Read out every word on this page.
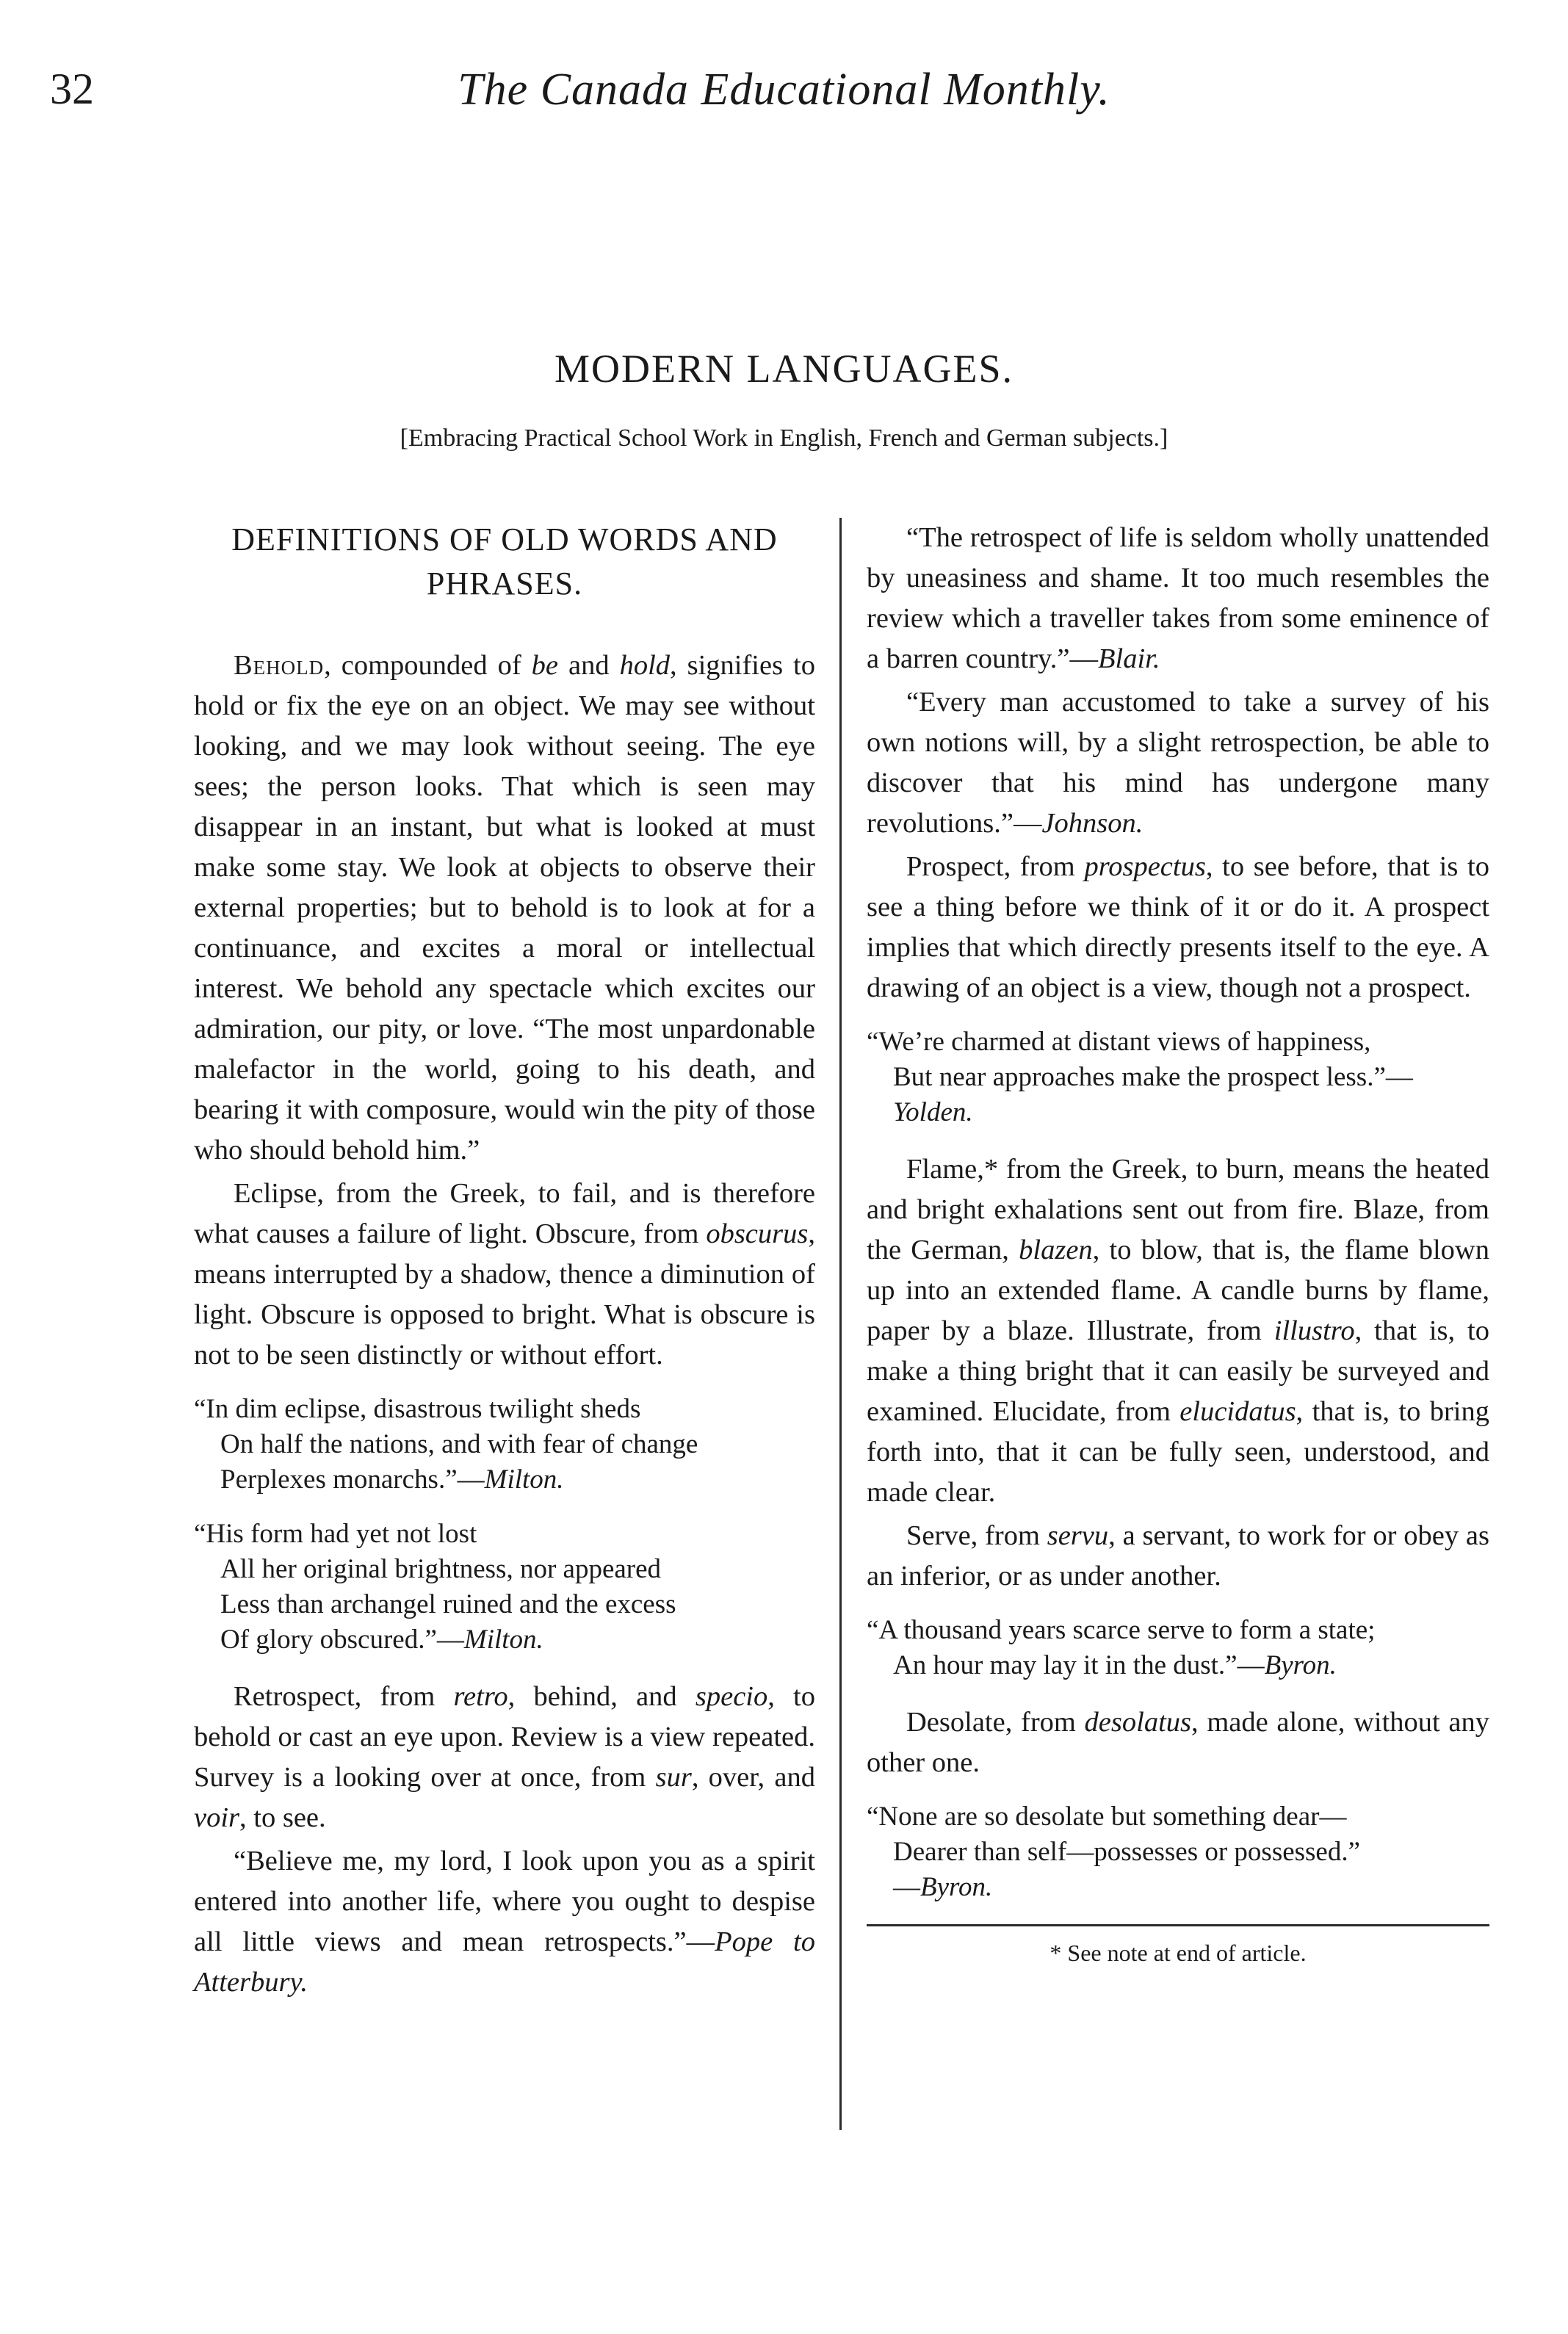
32	The Canada Educational Monthly.
MODERN LANGUAGES.
[Embracing Practical School Work in English, French and German subjects.]
DEFINITIONS OF OLD WORDS AND PHRASES.

Behold, compounded of be and hold, signifies to hold or fix the eye on an object. We may see without looking, and we may look without seeing. The eye sees; the person looks. That which is seen may disappear in an instant, but what is looked at must make some stay. We look at objects to observe their external properties; but to behold is to look at for a continuance, and excites a moral or intellectual interest. We behold any spectacle which excites our admiration, our pity, or love. “The most unpardonable malefactor in the world, going to his death, and bearing it with composure, would win the pity of those who should behold him.”

Eclipse, from the Greek, to fail, and is therefore what causes a failure of light. Obscure, from obscurus, means interrupted by a shadow, thence a diminution of light. Obscure is opposed to bright. What is obscure is not to be seen distinctly or without effort.

“In dim eclipse, disastrous twilight sheds
On half the nations, and with fear of change
Perplexes monarchs.”—Milton.
“His form had yet not lost
All her original brightness, nor appeared
Less than archangel ruined and the excess
Of glory obscured.”—Milton.

Retrospect, from retro, behind, and specio, to behold or cast an eye upon. Review is a view repeated. Survey is a looking over at once, from sur, over, and voir, to see.

“Believe me, my lord, I look upon you as a spirit entered into another life, where you ought to despise all little views and mean retrospects.”—Pope to Atterbury.

“The retrospect of life is seldom wholly unattended by uneasiness and shame. It too much resembles the review which a traveller takes from some eminence of a barren country.”—Blair.

“Every man accustomed to take a survey of his own notions will, by a slight retrospection, be able to discover that his mind has undergone many revolutions.”—Johnson.

Prospect, from prospectus, to see before, that is to see a thing before we think of it or do it. A prospect implies that which directly presents itself to the eye. A drawing of an object is a view, though not a prospect.

“We’re charmed at distant views of happiness,
But near approaches make the prospect less.”—Yolden.

Flame,* from the Greek, to burn, means the heated and bright exhalations sent out from fire. Blaze, from the German, blazen, to blow, that is, the flame blown up into an extended flame. A candle burns by flame, paper by a blaze. Illustrate, from illustro, that is, to make a thing bright that it can easily be surveyed and examined. Elucidate, from elucidatus, that is, to bring forth into, that it can be fully seen, understood, and made clear.

Serve, from servu, a servant, to work for or obey as an inferior, or as under another.

“A thousand years scarce serve to form a state;
An hour may lay it in the dust.”—Byron.

Desolate, from desolatus, made alone, without any other one.

“None are so desolate but something dear—
Dearer than self—possesses or possessed.”
—Byron.
* See note at end of article.
